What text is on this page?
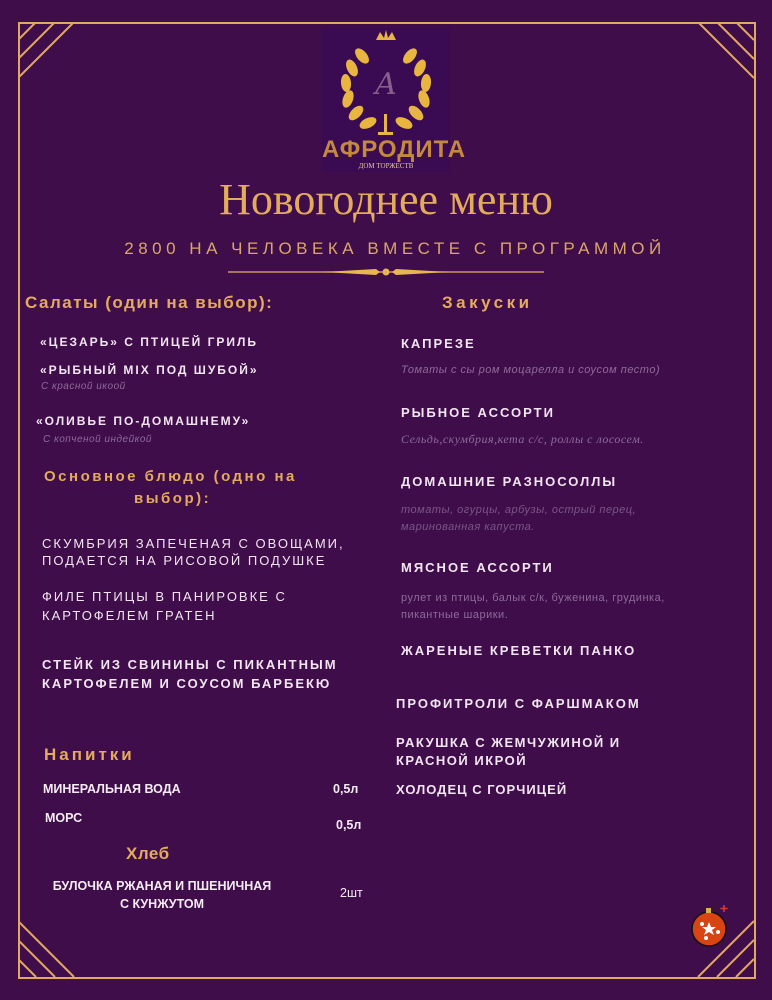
A
АФРОДИТА
ДОМ ТОРЖЕСТВ
Новогоднее меню
2800 НА ЧЕЛОВЕКА ВМЕСТЕ С ПРОГРАММОЙ
Салаты (один на выбор):
«ЦЕЗАРЬ» С ПТИЦЕЙ ГРИЛЬ
«РЫБНЫЙ MIX ПОД ШУБОЙ»
С красной икоой
«ОЛИВЬЕ ПО-ДОМАШНЕМУ»
С копченой индейкой
Основное блюдо (одно на
выбор):
СКУМБРИЯ ЗАПЕЧЕНАЯ С ОВОЩАМИ,
ПОДАЕТСЯ НА РИСОВОЙ ПОДУШКЕ
ФИЛЕ ПТИЦЫ В ПАНИРОВКЕ С
КАРТОФЕЛЕМ ГРАТЕН
СТЕЙК ИЗ СВИНИНЫ С ПИКАНТНЫМ
КАРТОФЕЛЕМ И СОУСОМ БАРБЕКЮ
Напитки
МИНЕРАЛЬНАЯ ВОДА	0,5л
МОРС	0,5л
Хлеб
БУЛОЧКА РЖАНАЯ И ПШЕНИЧНАЯ
С КУНЖУТОМ
2шт
Закуски
КАПРЕЗЕ
Томаты с сы ром моцарелла и соусом песто)
РЫБНОЕ АССОРТИ
Сельдь,скумбрия,кета с/с, роллы с лососем.
ДОМАШНИЕ РАЗНОСОЛЛЫ
томаты, огурцы, арбузы, острый перец,
маринованная капуста.
МЯСНОЕ АССОРТИ
рулет из птицы, балык с/к, буженина, грудинка,
пикантные шарики.
ЖАРЕНЫЕ КРЕВЕТКИ ПАНКО
ПРОФИТРОЛИ С ФАРШМАКОМ
РАКУШКА С ЖЕМЧУЖИНОЙ И
КРАСНОЙ ИКРОЙ
ХОЛОДЕЦ С ГОРЧИЦЕЙ
